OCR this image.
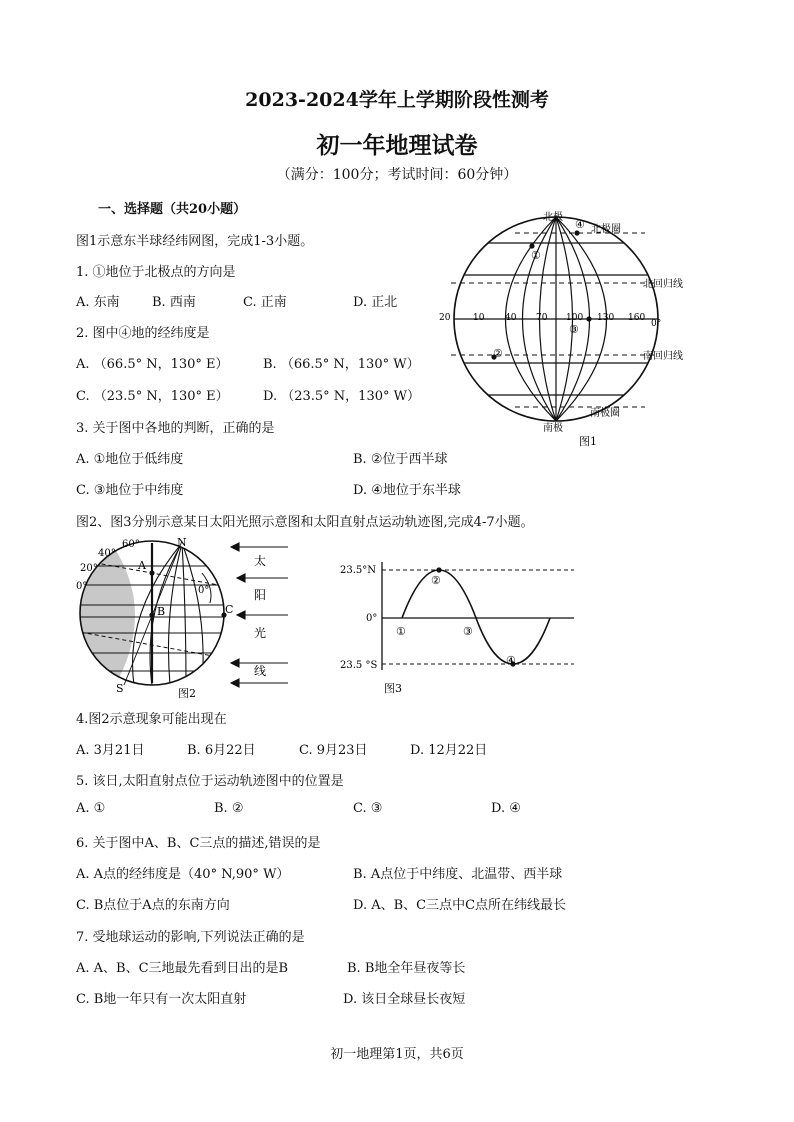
2023-2024学年上学期阶段性测考
初一年地理试卷
（满分：100分；考试时间：60分钟）
一、选择题（共20小题）
图1示意东半球经纬网图，完成1-3小题。
1. ①地位于北极点的方向是
A. 东南 B. 西南	C. 正南	D. 正北
2. 图中④地的经纬度是
A. （66.5° N，130° E）	B. （66.5° N，130° W）
C. （23.5° N，130° E）	D. （23.5° N，130° W）
3. 关于图中各地的判断，正确的是
A. ①地位于低纬度	B. ②位于西半球
C. ③地位于中纬度	D. ④地位于东半球
图2、图3分别示意某日太阳光照示意图和太阳直射点运动轨迹图,完成4-7小题。
4.图2示意现象可能出现在
A. 3月21日	B. 6月22日	C. 9月23日	D. 12月22日
5. 该日,太阳直射点位于运动轨迹图中的位置是
A. ①	B. ②	C. ③	D. ④
6. 关于图中A、B、C三点的描述,错误的是
A. A点的经纬度是（40° N,90° W）	B. A点位于中纬度、北温带、西半球
C. B点位于A点的东南方向	D. A、B、C三点中C点所在纬线最长
7. 受地球运动的影响,下列说法正确的是
A. A、B、C三地最先看到日出的是B	B. B地全年昼夜等长
C. B地一年只有一次太阳直射	D. 该日全球昼长夜短
北极
南极
北极圈
南极圈
北回归线
南回归线
20	10 40 70 100 130 160
0°
①
②
③
④
图1
60°
40°
20°
0°	0°
N
S
A
B	C
太
阳
光
线
图2
23.5°N
0°
23.5 °S
①
②
③
④
图3
初一地理第1页，共6页
